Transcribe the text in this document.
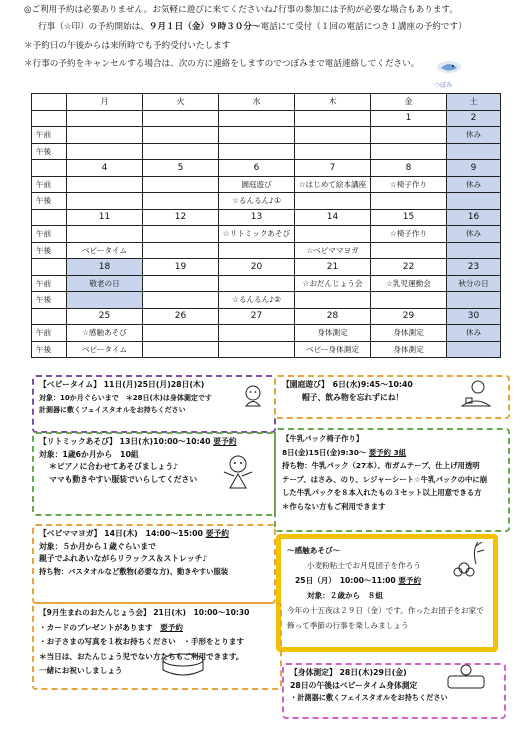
◎ご利用予約は必要ありません。お気軽に遊びに来てくださいね♪行事の参加には予約が必要な場合もあります。
行事（☆印）の予約開始は、９月１日（金）９時３０分〜電話にて受付（１回の電話につき１講座の予約です）
＊予約日の午後からは来所時でも予約受付いたします
＊行事の予約をキャンセルする場合は、次の方に連絡をしますのでつぼみまで電話連絡してください。
つぼみ
	月	火	水	木	金	土
					1	2
午前						休み
午後						
	4	5	6	7	8	9
午前			園庭遊び	☆はじめて絵本講座	☆椅子作り	休み
午後			☆るんるん♪①			
	11	12	13	14	15	16
午前			☆リトミックあそび		☆椅子作り	休み
午後	ベビータイム			☆ベビママヨガ		
	18	19	20	21	22	23
午前	敬老の日			☆おだんじょう会	☆乳児運動会	秋分の日
午後			☆るんるん♪②			
	25	26	27	28	29	30
午前	☆感触あそび			身体測定	身体測定	休み
午後	ベビータイム			ベビー身体測定	身体測定	
【ベビータイム】 11日(月)25日(月)28日(木)
対象：10か月ぐらいまで　＊28日(木)は身体測定です
計測器に敷くフェイスタオルをお持ちください
【園庭遊び】　6日(水)9:45〜10:40
帽子、飲み物を忘れずにね！
【リトミックあそび】 13日(水)10:00〜10:40 要予約
対象：1歳6か月から　10組
＊ピアノに合わせてあそびましょう♪
ママも動きやすい服装でいらしてください
【牛乳パック椅子作り】
8日(金)15日(金)9:30〜 要予約 3組
持ち物：牛乳パック（27本）、布ガムテープ、仕上げ用透明
テープ、はさみ、のり、レジャーシート☆牛乳パックの中に崩
した牛乳パックを８本入れたもの３セット以上用意できる方
＊作らない方もご利用できます
【ベビママヨガ】 14日(木)　14:00〜15:00 要予約
対象：５か月から１歳ぐらいまで
親子でふれあいながらリラックス＆ストレッチ♪
持ち物：バスタオルなど敷物(必要な方)、動きやすい服装
〜感触あそび〜
小麦粉粘土でお月見団子を作ろう
25日（月）　10:00〜11:00 要予約
対象：２歳から　８組
今年の十五夜は２９日（金）です。作ったお団子をお家で
飾って季節の行事を楽しみましょう
【9月生まれのおたんじょう会】 21日(木)　10:00〜10:30
・カードのプレゼントがあります　 要予約
・お子さまの写真を１枚お持ちください　・手形をとります
＊当日は、おたんじょう児でない方たちもご利用できます。
一緒にお祝いしましょう	【身体測定】 28日(木)29日(金)
28日の午後はベビータイム身体測定
・計測器に敷くフェイスタオルをお持ちください
